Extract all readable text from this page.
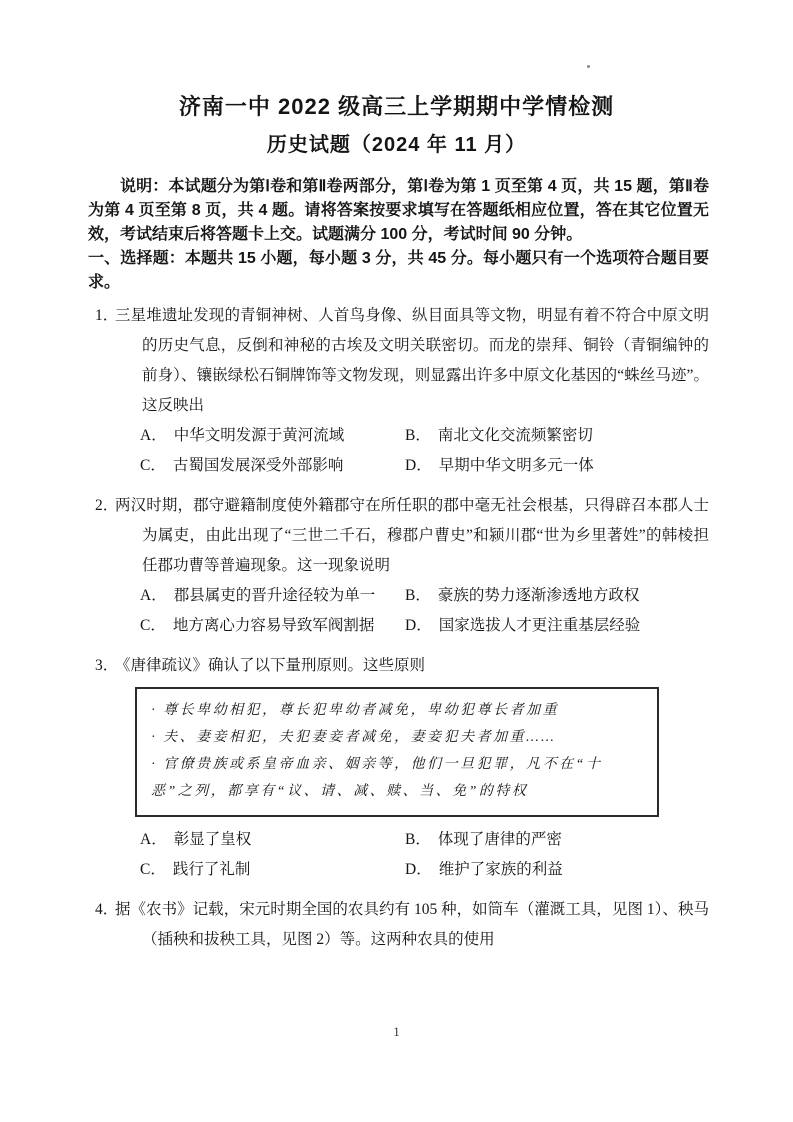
济南一中 2022 级高三上学期期中学情检测
历史试题（2024 年 11 月）
说明：本试题分为第Ⅰ卷和第Ⅱ卷两部分，第Ⅰ卷为第 1 页至第 4 页，共 15 题，第Ⅱ卷为第 4 页至第 8 页，共 4 题。请将答案按要求填写在答题纸相应位置，答在其它位置无效，考试结束后将答题卡上交。试题满分 100 分，考试时间 90 分钟。
一、选择题：本题共 15 小题，每小题 3 分，共 45 分。每小题只有一个选项符合题目要求。
1．
三星堆遗址发现的青铜神树、人首鸟身像、纵目面具等文物，明显有着不符合中原文明的历史气息，反倒和神秘的古埃及文明关联密切。而龙的崇拜、铜铃（青铜编钟的前身）、镶嵌绿松石铜牌饰等文物发现，则显露出许多中原文化基因的“蛛丝马迹”。这反映出
A． 中华文明发源于黄河流域	B． 南北文化交流频繁密切
C． 古蜀国发展深受外部影响	D． 早期中华文明多元一体
2．
两汉时期，郡守避籍制度使外籍郡守在所任职的郡中毫无社会根基，只得辟召本郡人士为属吏，由此出现了“三世二千石，穆郡户曹史”和颍川郡“世为乡里著姓”的韩棱担任郡功曹等普遍现象。这一现象说明
A． 郡县属吏的晋升途径较为单一	B． 豪族的势力逐渐渗透地方政权
C． 地方离心力容易导致军阀割据	D． 国家选拔人才更注重基层经验
3．
《唐律疏议》确认了以下量刑原则。这些原则
· 尊长卑幼相犯，尊长犯卑幼者减免，卑幼犯尊长者加重
· 夫、妻妾相犯，夫犯妻妾者减免，妻妾犯夫者加重……
· 官僚贵族或系皇帝血亲、姻亲等，他们一旦犯罪，凡不在“十恶”之列，都享有“议、请、减、赎、当、免”的特权
A． 彰显了皇权	B． 体现了唐律的严密
C． 践行了礼制	D． 维护了家族的利益
4．
据《农书》记载，宋元时期全国的农具约有 105 种，如筒车（灌溉工具，见图 1）、秧马（插秧和拔秧工具，见图 2）等。这两种农具的使用
1
